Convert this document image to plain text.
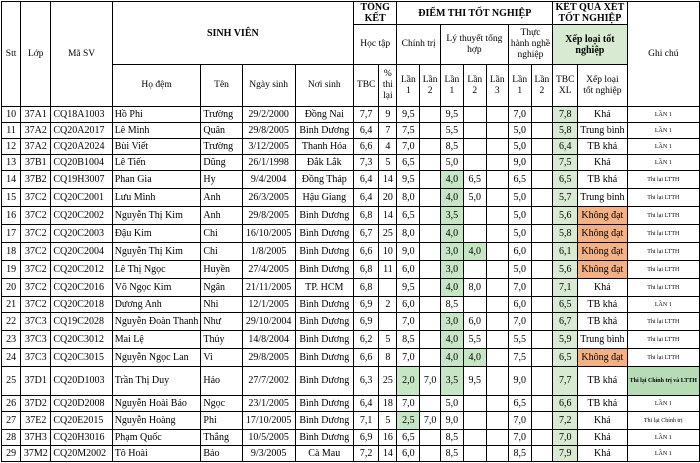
Stt	Lớp	Mã SV	SINH VIÊN				TỔNG KẾT		ĐIỂM THI TỐT NGHIỆP							KẾT QUẢ XÉT TỐT NGHIỆP		Ghi chú
							Học tập		Chính trị		Lý thuyết tổng hợp			Thực hành nghề nghiệp		Xếp loại tốt nghiệp		

			Họ đệm	Tên	Ngày sinh	Nơi sinh	TBC	% thi lại	Lần 1	Lần 2	Lần 1	Lần 2	Lần 3	Lần 1	Lần 2	TBC XL	Xếp loại tốt nghiệp	
10	37A1	CQ18A1003	Hồ Phi	Trường	29/2/2000	Đồng Nai	7,7	9	9,5		9,5			7,0		7,8	Khá	LẦN 1
11	37A2	CQ20A2017	Lê Minh	Quân	29/8/2005	Bình Dương	6,4	7	7,5		5,5			5,0		5,8	Trung bình	LẦN 1
12	37A2	CQ20A2024	Bùi Viết	Trường	3/12/2005	Thanh Hóa	6,6	4	7,0		8,5			5,0		6,4	TB khá	LẦN 1
13	37B1	CQ20B1004	Lê Tiến	Dũng	26/1/1998	Đắk Lắk	7,3	5	6,5		5,0			9,0		7,5	Khá	LẦN 1
14	37B2	CQ19H3007	Phan Gia	Hy	9/4/2004	Đồng Tháp	6,4	14	9,5		4,0	6,5		6,5		6,5	TB khá	Thi lại LTTH
15	37C2	CQ20C2001	Lưu Minh	Anh	26/3/2005	Hậu Giang	6,4	20	8,0		4,0	5,0		5,0		5,7	Trung bình	Thi lại LTTH
16	37C2	CQ20C2002	Nguyễn Thị Kim	Anh	29/8/2005	Bình Dương	6,8	14	6,5		3,5			5,0		5,6	Không đạt	Thi lại LTTH
17	37C2	CQ20C2003	Đậu Kim	Chi	16/10/2005	Bình Dương	6,7	25	8,0		4,0			5,0		5,8	Không đạt	Thi lại LTTH
18	37C2	CQ20C2004	Nguyễn Thị Kim	Chi	1/8/2005	Bình Dương	6,6	10	9,0		3,0	4,0		6,0		6,1	Không đạt	Thi lại LTTH
19	37C2	CQ20C2012	Lê Thị Ngọc	Huyền	27/4/2005	Bình Dương	6,8	11	6,0		3,0			5,0		5,6	Không đạt	Thi lại LTTH
20	37C2	CQ20C2016	Võ Ngọc Kim	Ngân	21/11/2005	TP. HCM	6,8		9,5		4,0	8,0		7,0		7,1	Khá	Thi lại LTTH
21	37C2	CQ20C2018	Dương Anh	Nhi	12/1/2005	Bình Dương	6,9	2	6,0		8,5			6,0		6,5	TB khá	LẦN 1
22	37C3	CQ19C2028	Nguyễn Đoàn Thanh	Như	29/10/2004	Bình Dương	6,9		7,0		3,0	6,0		7,0		6,7	TB khá	Thi lại LTTH
23	37C3	CQ20C3012	Mai Lệ	Thủy	14/8/2004	Bình Dương	6,2	5	8,5		4,0	5,5		5,5		5,9	Trung bình	Thi lại LTTH
24	37C3	CQ20C3015	Nguyễn Ngọc Lan	Vi	29/8/2005	Bình Dương	6,6	8	7,0		4,0	4,0		7,5		6,5	Không đạt	Thi lại LTTH
25	37D1	CQ20D1003	Trần Thị Duy	Hảo	27/7/2002	Bình Dương	6,3	25	2,0	7,0	3,5	9,5		9,0		7,7	TB khá	Thi lại Chính trị và LTTH
26	37D2	CQ20D2008	Nguyễn Hoài Bảo	Ngọc	23/1/2005	Bình Dương	6,4	18	7,0		5,0			6,5		6,6	TB khá	LẦN 1
27	37E2	CQ20E2015	Nguyễn Hoàng	Phi	17/10/2005	Bình Dương	7,1	5	2,5	7,0	9,0			7,0		7,2	Khá	Thi lại Chính trị
28	37H3	CQ20H3016	Phạm Quốc	Thắng	10/5/2005	Bình Dương	6,9	16	6,5		8,5			7,0		7,0	Khá	LẦN 1
29	37M2	CQ20M2002	Tô Hoài	Bảo	9/3/2005	Cà Mau	7,2	14	6,0		8,5			8,5		7,9	Khá	LẦN 1
